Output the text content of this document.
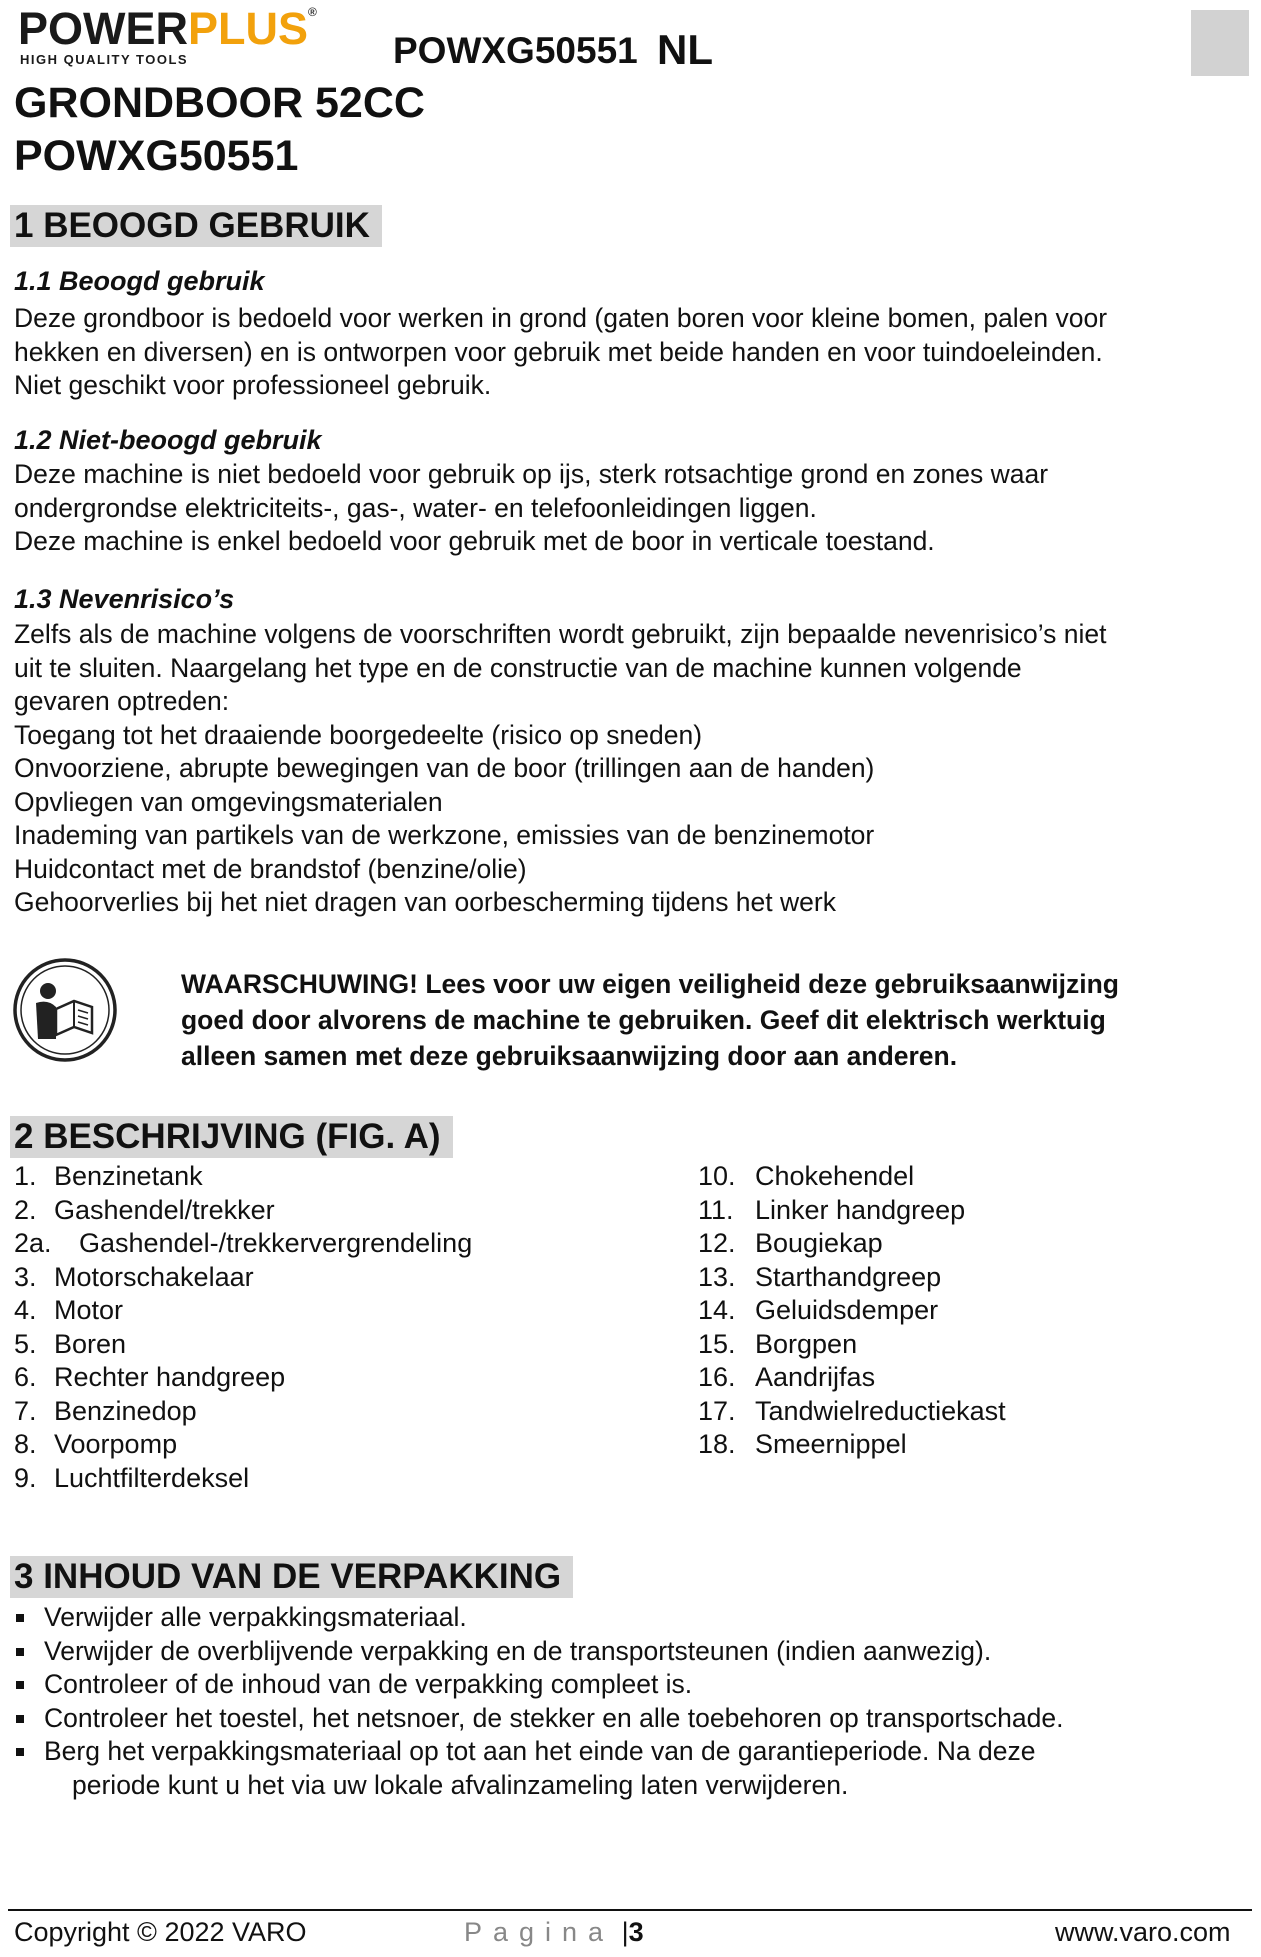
POWERPLUS®
HIGH QUALITY TOOLS	POWXG50551 NL
GRONDBOOR 52CC
POWXG50551
1 BEOOGD GEBRUIK
1.1 Beoogd gebruik

Deze grondboor is bedoeld voor werken in grond (gaten boren voor kleine bomen, palen voor

hekken en diversen) en is ontworpen voor gebruik met beide handen en voor tuindoeleinden.

Niet geschikt voor professioneel gebruik.

1.2 Niet-beoogd gebruik

Deze machine is niet bedoeld voor gebruik op ijs, sterk rotsachtige grond en zones waar

ondergrondse elektriciteits-, gas-, water- en telefoonleidingen liggen.

Deze machine is enkel bedoeld voor gebruik met de boor in verticale toestand.

1.3 Nevenrisico’s

Zelfs als de machine volgens de voorschriften wordt gebruikt, zijn bepaalde nevenrisico’s niet

uit te sluiten. Naargelang het type en de constructie van de machine kunnen volgende

gevaren optreden:

Toegang tot het draaiende boorgedeelte (risico op sneden)

Onvoorziene, abrupte bewegingen van de boor (trillingen aan de handen)

Opvliegen van omgevingsmaterialen

Inademing van partikels van de werkzone, emissies van de benzinemotor

Huidcontact met de brandstof (benzine/olie)

Gehoorverlies bij het niet dragen van oorbescherming tijdens het werk

WAARSCHUWING! Lees voor uw eigen veiligheid deze gebruiksaanwijzing
goed door alvorens de machine te gebruiken. Geef dit elektrisch werktuig
alleen samen met deze gebruiksaanwijzing door aan anderen.
2 BESCHRIJVING (FIG. A)
1. Benzinetank
2. Gashendel/trekker
2a. Gashendel-/trekkervergrendeling
3. Motorschakelaar
4. Motor
5. Boren
6. Rechter handgreep
7. Benzinedop
8. Voorpomp
9. Luchtfilterdeksel
10. Chokehendel
11. Linker handgreep
12. Bougiekap
13. Starthandgreep
14. Geluidsdemper
15. Borgpen
16. Aandrijfas
17. Tandwielreductiekast
18. Smeernippel
3 INHOUD VAN DE VERPAKKING
Verwijder alle verpakkingsmateriaal.
Verwijder de overblijvende verpakking en de transportsteunen (indien aanwezig).
Controleer of de inhoud van de verpakking compleet is.
Controleer het toestel, het netsnoer, de stekker en alle toebehoren op transportschade.
Berg het verpakkingsmateriaal op tot aan het einde van de garantieperiode. Na deze
periode kunt u het via uw lokale afvalinzameling laten verwijderen.
Copyright © 2022 VARO	Pagina |3	www.varo.com
